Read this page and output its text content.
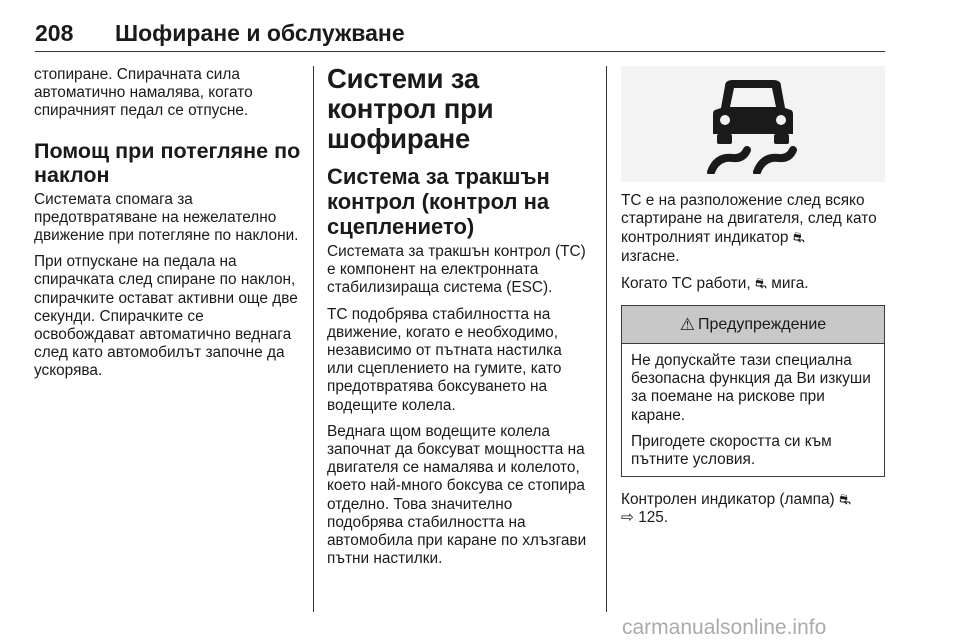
208 Шофиране и обслужване

стопиране. Спирачната сила автоматично намалява, когато спирачният педал се отпусне.

Помощ при потегляне по наклон

Системата спомага за предотвратяване на нежелателно движение при потегляне по наклони.

При отпускане на педала на спирачката след спиране по наклон, спирачките остават активни още две секунди. Спирачките се освобождават автоматично веднага след като автомобилът започне да ускорява.

Системи за контрол при шофиране

Система за тракшън контрол (контрол на сцеплението)

Системата за тракшън контрол (ТС) е компонент на електронната стабилизираща система (ESC).

ТС подобрява стабилността на движение, когато е необходимо, независимо от пътната настилка или сцеплението на гумите, като предотвратява боксуването на водещите колела.

Веднага щом водещите колела започнат да боксуват мощността на двигателя се намалява и колелото, което най-много боксува се стопира отделно. Това значително подобрява стабилността на автомобила при каране по хлъзгави пътни настилки.

ТС е на разположение след всяко стартиране на двигателя, след като контролният индикатор ⛐
изгасне.

Когато ТС работи, ⛐ мига.

⚠ Предупреждение

Не допускайте тази специална безопасна функция да Ви изкуши за поемане на рискове при каране.

Пригодете скоростта си към пътните условия.

Контролен индикатор (лампа) ⛐
⇨ 125.

carmanualsonline.info
